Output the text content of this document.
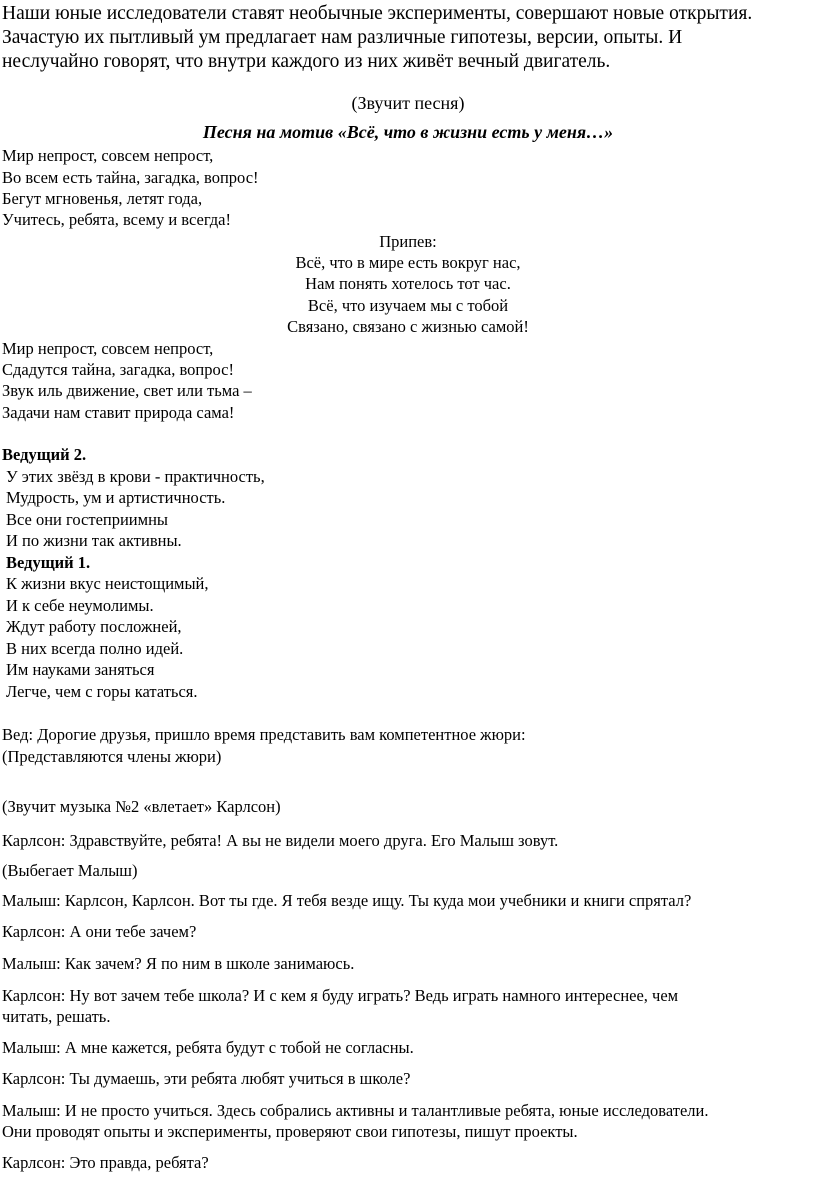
Наши юные исследователи ставят необычные эксперименты, совершают новые открытия.
Зачастую их пытливый ум предлагает нам различные гипотезы, версии, опыты. И
неслучайно говорят, что внутри каждого из них живёт вечный двигатель.
(Звучит песня)
Песня на мотив «Всё, что в жизни есть у меня…»
Мир непрост, совсем непрост,
Во всем есть тайна, загадка, вопрос!
Бегут мгновенья, летят года,
Учитесь, ребята, всему и всегда!
Припев:
Всё, что в мире есть вокруг нас,
Нам понять хотелось тот час.
Всё, что изучаем мы с тобой
Связано, связано с жизнью самой!
Мир непрост, совсем непрост,
Сдадутся тайна, загадка, вопрос!
Звук иль движение, свет или тьма –
Задачи нам ставит природа сама!
Ведущий 2.
У этих звёзд в крови - практичность,
Мудрость, ум и артистичность.
Все они гостеприимны
И по жизни так активны.
Ведущий 1.
К жизни вкус неистощимый,
И к себе неумолимы.
Ждут работу посложней,
В них всегда полно идей.
Им науками заняться
Легче, чем с горы кататься.
Вед: Дорогие друзья, пришло время представить вам компетентное жюри:
(Представляются члены жюри)
(Звучит музыка №2 «влетает» Карлсон)
Карлсон: Здравствуйте, ребята! А вы не видели моего друга. Его Малыш зовут.
(Выбегает Малыш)
Малыш: Карлсон, Карлсон. Вот ты где. Я тебя везде ищу. Ты куда мои учебники и книги спрятал?
Карлсон: А они тебе зачем?
Малыш: Как зачем? Я по ним в школе занимаюсь.
Карлсон: Ну вот зачем тебе школа? И с кем я буду играть? Ведь играть намного интереснее, чем
читать, решать.
Малыш: А мне кажется, ребята будут с тобой не согласны.
Карлсон: Ты думаешь, эти ребята любят учиться в школе?
Малыш: И не просто учиться. Здесь собрались активны и талантливые ребята, юные исследователи.
Они проводят опыты и эксперименты, проверяют свои гипотезы, пишут проекты.
Карлсон: Это правда, ребята?
